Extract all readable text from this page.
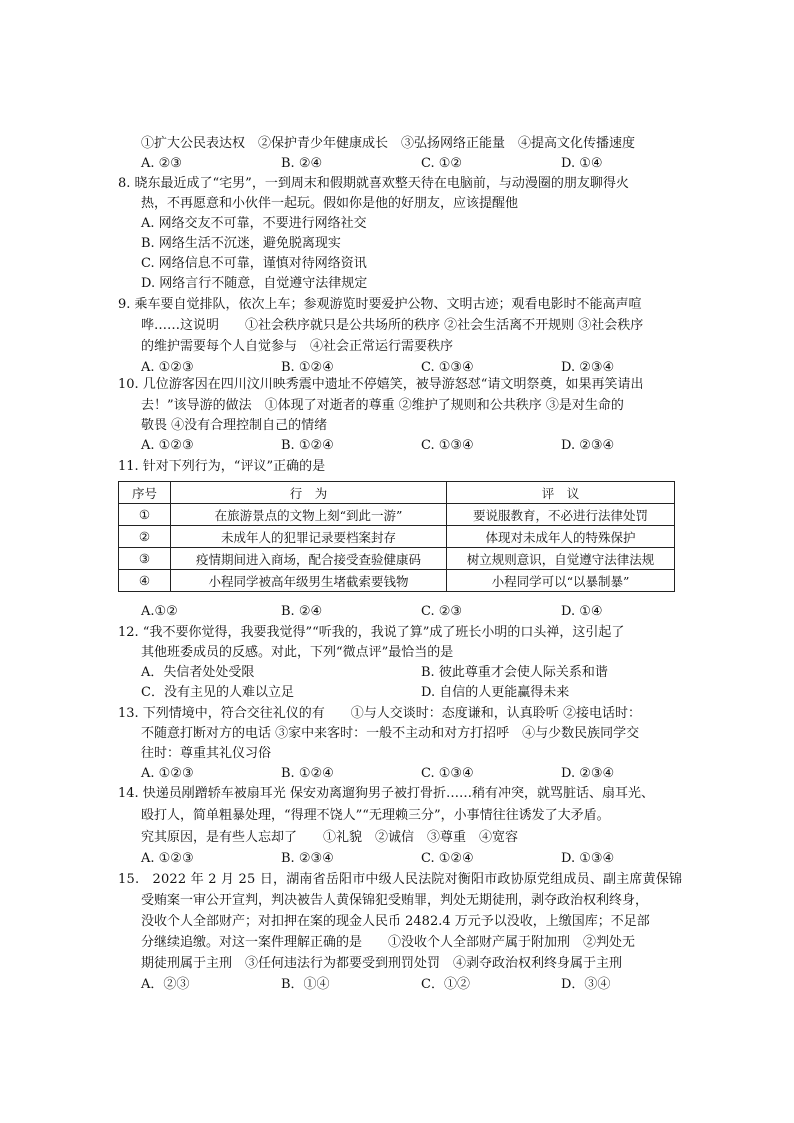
①扩大公民表达权　②保护青少年健康成长　③弘扬网络正能量　④提高文化传播速度
A. ②③	B. ②④	C. ①②	D. ①④
8. 晓东最近成了“宅男”，一到周末和假期就喜欢整天待在电脑前，与动漫圈的朋友聊得火
热，不再愿意和小伙伴一起玩。假如你是他的好朋友，应该提醒他
A. 网络交友不可靠，不要进行网络社交
B. 网络生活不沉迷，避免脱离现实
C. 网络信息不可靠，谨慎对待网络资讯
D. 网络言行不随意，自觉遵守法律规定
9. 乘车要自觉排队，依次上车；参观游览时要爱护公物、文明古迹；观看电影时不能高声喧
哗……这说明　　①社会秩序就只是公共场所的秩序 ②社会生活离不开规则 ③社会秩序
的维护需要每个人自觉参与　④社会正常运行需要秩序
A. ①②③	B. ①②④	C. ①③④	D. ②③④
10. 几位游客因在四川汶川映秀震中遗址不停嬉笑，被导游怒怼“请文明祭奠，如果再笑请出
去！”该导游的做法　①体现了对逝者的尊重 ②维护了规则和公共秩序 ③是对生命的
敬畏 ④没有合理控制自己的情绪
A. ①②③	B. ①②④	C. ①③④	D. ②③④
11. 针对下列行为，“评议”正确的是
序号	行　为	评　议
①	在旅游景点的文物上刻“到此一游”	要说服教育，不必进行法律处罚
②	未成年人的犯罪记录要档案封存	体现对未成年人的特殊保护
③	疫情期间进入商场，配合接受查验健康码	树立规则意识，自觉遵守法律法规
④	小程同学被高年级男生堵截索要钱物	小程同学可以“以暴制暴”
A.①②	B. ②④	C. ②③	D. ①④
12. “我不要你觉得，我要我觉得”“听我的，我说了算”成了班长小明的口头禅，这引起了
其他班委成员的反感。对此，下列“微点评”最恰当的是
A．失信者处处受限	B. 彼此尊重才会使人际关系和谐
C．没有主见的人难以立足	D. 自信的人更能赢得未来
13. 下列情境中，符合交往礼仪的有　　①与人交谈时：态度谦和，认真聆听 ②接电话时：
不随意打断对方的电话 ③家中来客时：一般不主动和对方打招呼　④与少数民族同学交
往时：尊重其礼仪习俗
A. ①②③	B. ①②④	C. ①③④	D. ②③④
14. 快递员剐蹭轿车被扇耳光 保安劝离遛狗男子被打骨折……稍有冲突，就骂脏话、扇耳光、
殴打人，简单粗暴处理，“得理不饶人”“无理赖三分”，小事情往往诱发了大矛盾。
究其原因，是有些人忘却了　　①礼貌　②诚信　③尊重　④宽容
A. ①②③	B. ②③④	C. ①②④	D. ①③④
15.　2022 年 2 月 25 日，湖南省岳阳市中级人民法院对衡阳市政协原党组成员、副主席黄保锦
受贿案一审公开宣判，判决被告人黄保锦犯受贿罪，判处无期徒刑，剥夺政治权利终身，
没收个人全部财产；对扣押在案的现金人民币 2482.4 万元予以没收，上缴国库；不足部
分继续追缴。对这一案件理解正确的是　　①没收个人全部财产属于附加刑　②判处无
期徒刑属于主刑　③任何违法行为都要受到刑罚处罚　④剥夺政治权利终身属于主刑
A．②③	B．①④	C．①②	D．③④
